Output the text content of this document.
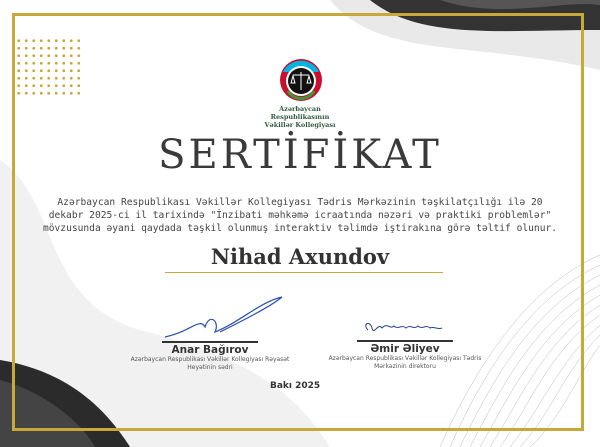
Azərbaycan
Respublikasının
Vəkillər Kollegiyası
SERTİFİKAT
Azərbaycan Respublikası Vəkillər Kollegiyası Tədris Mərkəzinin təşkilatçılığı ilə 20 dekabr 2025-ci il tarixində "İnzibati məhkəmə icraatında nəzəri və praktiki problemlər" mövzusunda əyani qaydada təşkil olunmuş interaktiv təlimdə iştirakına görə təltif olunur.
Nihad Axundov
Anar Bağırov
Azərbaycan Respublikası Vəkillər Kollegiyası Rəyasət Heyətinin sədri
Əmir Əliyev
Azərbaycan Respublikası Vəkillər Kollegiyası Tədris Mərkəzinin direktoru
Bakı 2025
